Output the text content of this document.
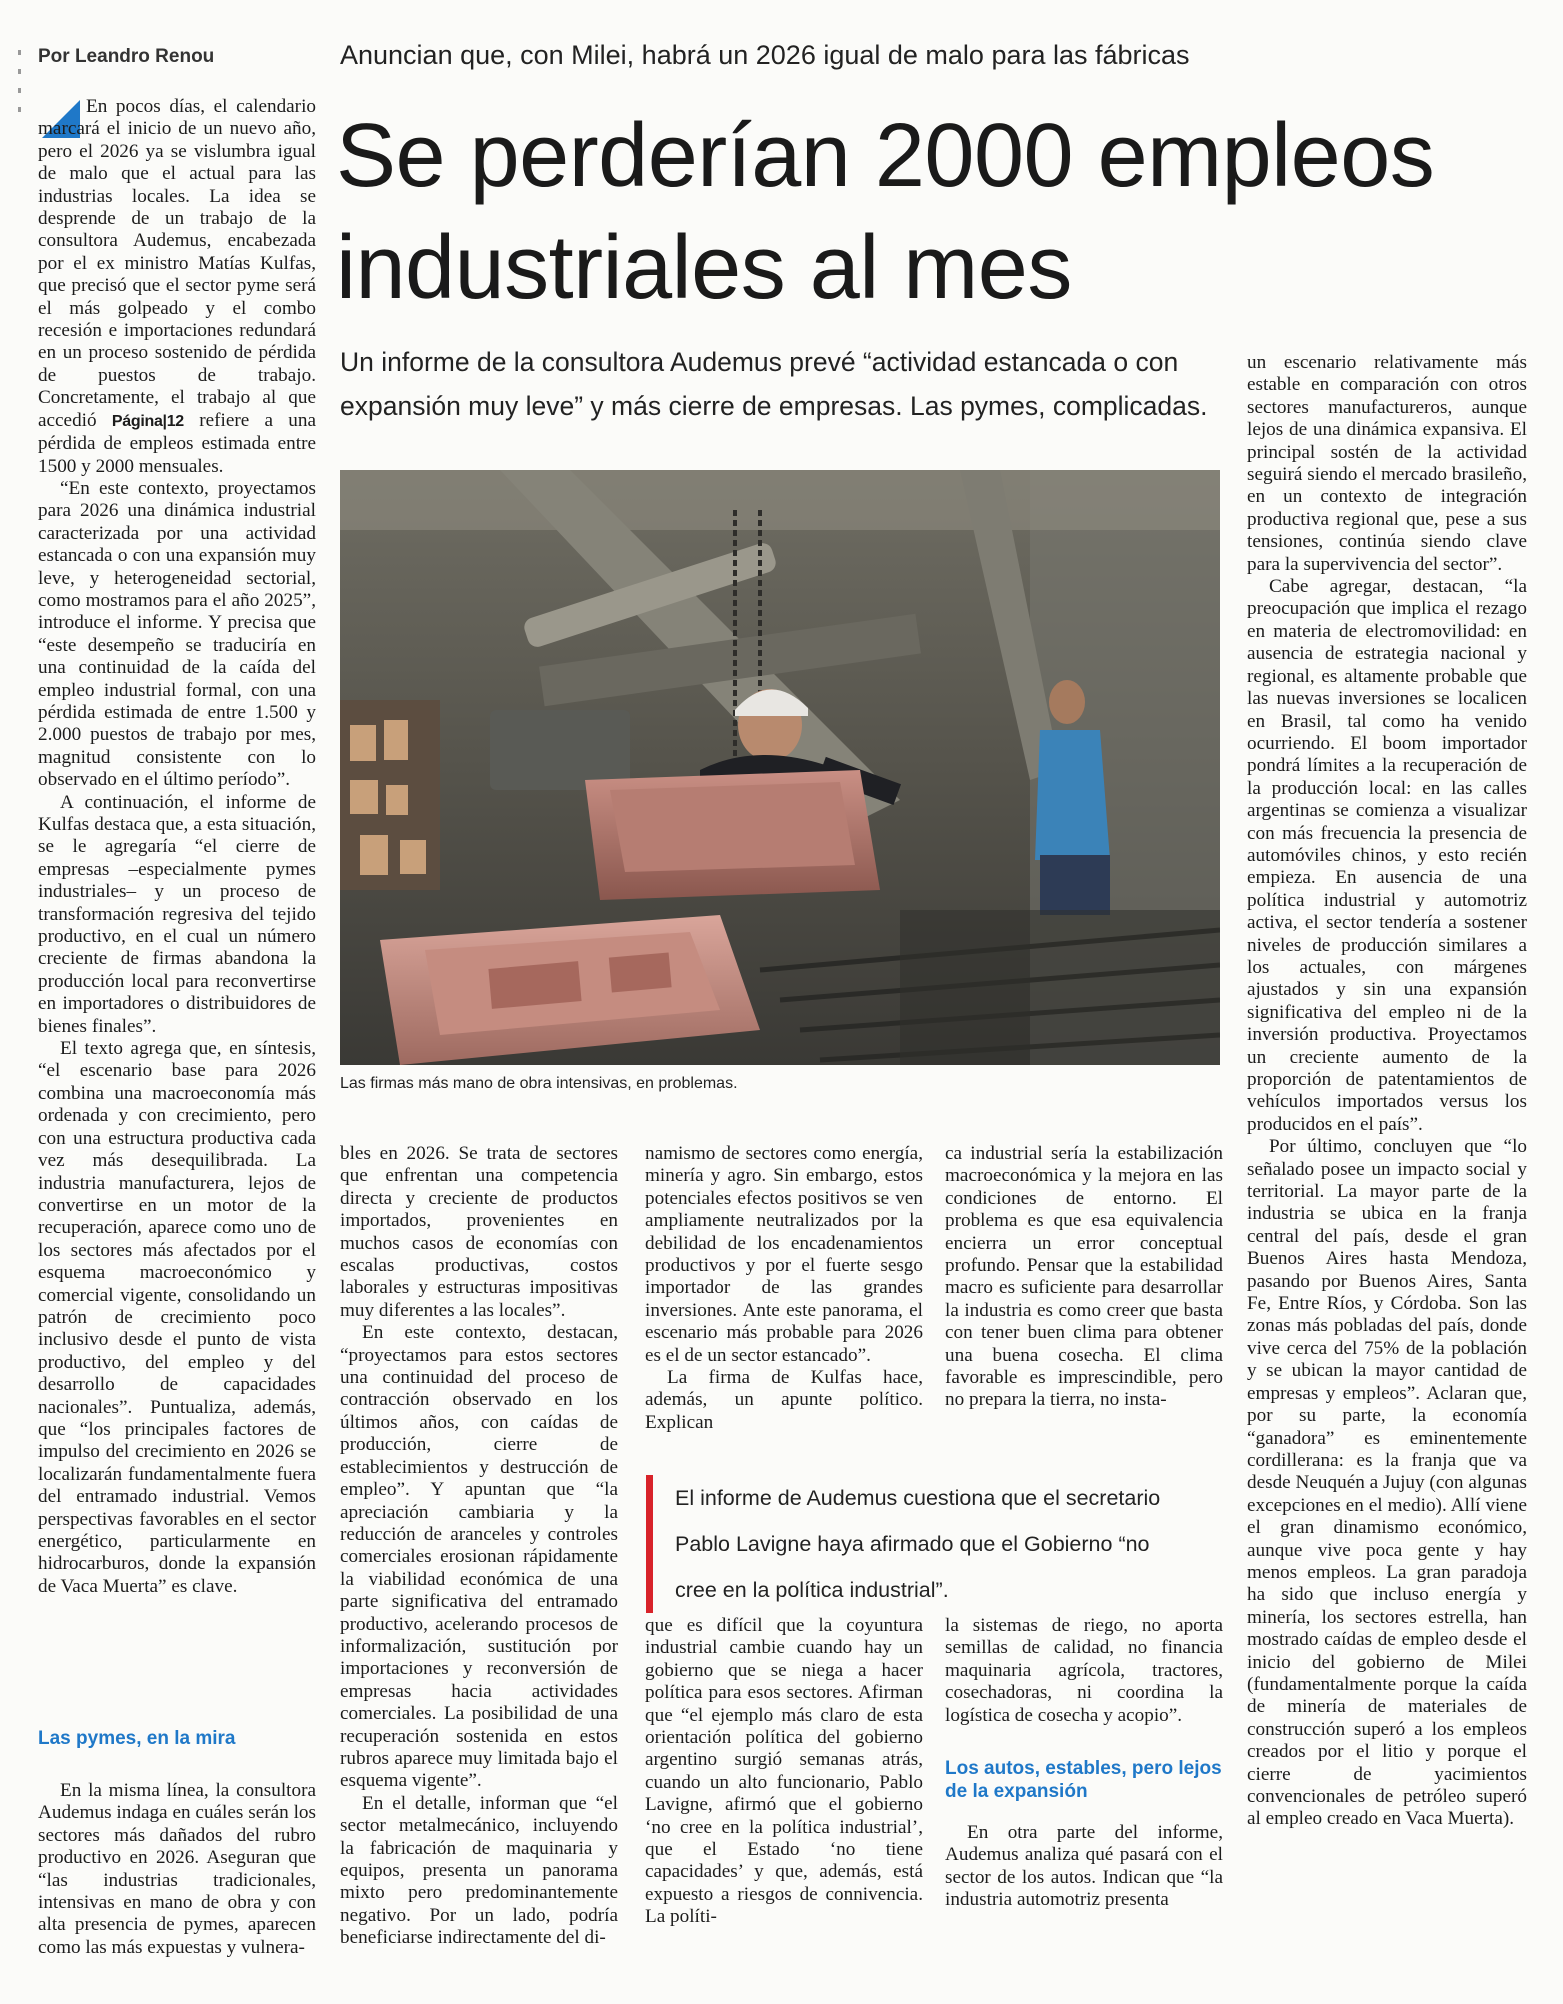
Por Leandro Renou	Anuncian que, con Milei, habrá un 2026 igual de malo para las fábricas
Se perderían 2000 empleos
industriales al mes
Un informe de la consultora Audemus prevé “actividad estancada o con expansión muy leve” y más cierre de empresas. Las pymes, complicadas.
Las firmas más mano de obra intensivas, en problemas.

En pocos días, el calendario marcará el inicio de un nuevo año, pero el 2026 ya se vislumbra igual de malo que el actual para las industrias locales. La idea se desprende de un trabajo de la consultora Audemus, encabezada por el ex ministro Matías Kulfas, que precisó que el sector pyme será el más golpeado y el combo recesión e importaciones redundará en un proceso sostenido de pérdida de puestos de trabajo. Concretamente, el trabajo al que accedió Página|12 refiere a una pérdida de empleos estimada entre 1500 y 2000 mensuales.

“En este contexto, proyectamos para 2026 una dinámica industrial caracterizada por una actividad estancada o con una expansión muy leve, y heterogeneidad sectorial, como mostramos para el año 2025”, introduce el informe. Y precisa que “este desempeño se traduciría en una continuidad de la caída del empleo industrial formal, con una pérdida estimada de entre 1.500 y 2.000 puestos de trabajo por mes, magnitud consistente con lo observado en el último período”.

A continuación, el informe de Kulfas destaca que, a esta situación, se le agregaría “el cierre de empresas –especialmente pymes industriales– y un proceso de transformación regresiva del tejido productivo, en el cual un número creciente de firmas abandona la producción local para reconvertirse en importadores o distribuidores de bienes finales”.

El texto agrega que, en síntesis, “el escenario base para 2026 combina una macroeconomía más ordenada y con crecimiento, pero con una estructura productiva cada vez más desequilibrada. La industria manufacturera, lejos de convertirse en un motor de la recuperación, aparece como uno de los sectores más afectados por el esquema macroeconómico y comercial vigente, consolidando un patrón de crecimiento poco inclusivo desde el punto de vista productivo, del empleo y del desarrollo de capacidades nacionales”. Puntualiza, además, que “los principales factores de impulso del crecimiento en 2026 se localizarán fundamentalmente fuera del entramado industrial. Vemos perspectivas favorables en el sector energético, particularmente en hidrocarburos, donde la expansión de Vaca Muerta” es clave.

Las pymes, en la mira

En la misma línea, la consultora Audemus indaga en cuáles serán los sectores más dañados del rubro productivo en 2026. Aseguran que “las industrias tradicionales, intensivas en mano de obra y con alta presencia de pymes, aparecen como las más expuestas y vulnera-

bles en 2026. Se trata de sectores que enfrentan una competencia directa y creciente de productos importados, provenientes en muchos casos de economías con escalas productivas, costos laborales y estructuras impositivas muy diferentes a las locales”.

En este contexto, destacan, “proyectamos para estos sectores una continuidad del proceso de contracción observado en los últimos años, con caídas de producción, cierre de establecimientos y destrucción de empleo”. Y apuntan que “la apreciación cambiaria y la reducción de aranceles y controles comerciales erosionan rápidamente la viabilidad económica de una parte significativa del entramado productivo, acelerando procesos de informalización, sustitución por importaciones y reconversión de empresas hacia actividades comerciales. La posibilidad de una recuperación sostenida en estos rubros aparece muy limitada bajo el esquema vigente”.

En el detalle, informan que “el sector metalmecánico, incluyendo la fabricación de maquinaria y equipos, presenta un panorama mixto pero predominantemente negativo. Por un lado, podría beneficiarse indirectamente del di-

namismo de sectores como energía, minería y agro. Sin embargo, estos potenciales efectos positivos se ven ampliamente neutralizados por la debilidad de los encadenamientos productivos y por el fuerte sesgo importador de las grandes inversiones. Ante este panorama, el escenario más probable para 2026 es el de un sector estancado”.

La firma de Kulfas hace, además, un apunte político. Explican

que es difícil que la coyuntura industrial cambie cuando hay un gobierno que se niega a hacer política para esos sectores. Afirman que “el ejemplo más claro de esta orientación política del gobierno argentino surgió semanas atrás, cuando un alto funcionario, Pablo Lavigne, afirmó que el gobierno ‘no cree en la política industrial’, que el Estado ‘no tiene capacidades’ y que, además, está expuesto a riesgos de connivencia. La políti-

ca industrial sería la estabilización macroeconómica y la mejora en las condiciones de entorno. El problema es que esa equivalencia encierra un error conceptual profundo. Pensar que la estabilidad macro es suficiente para desarrollar la industria es como creer que basta con tener buen clima para obtener una buena cosecha. El clima favorable es imprescindible, pero no prepara la tierra, no insta-

la sistemas de riego, no aporta semillas de calidad, no financia maquinaria agrícola, tractores, cosechadoras, ni coordina la logística de cosecha y acopio”.

Los autos, estables, pero lejos de la expansión

En otra parte del informe, Audemus analiza qué pasará con el sector de los autos. Indican que “la industria automotriz presenta

El informe de Audemus cuestiona que el secretario Pablo Lavigne haya afirmado que el Gobierno “no cree en la política industrial”.

un escenario relativamente más estable en comparación con otros sectores manufactureros, aunque lejos de una dinámica expansiva. El principal sostén de la actividad seguirá siendo el mercado brasileño, en un contexto de integración productiva regional que, pese a sus tensiones, continúa siendo clave para la supervivencia del sector”.

Cabe agregar, destacan, “la preocupación que implica el rezago en materia de electromovilidad: en ausencia de estrategia nacional y regional, es altamente probable que las nuevas inversiones se localicen en Brasil, tal como ha venido ocurriendo. El boom importador pondrá límites a la recuperación de la producción local: en las calles argentinas se comienza a visualizar con más frecuencia la presencia de automóviles chinos, y esto recién empieza. En ausencia de una política industrial y automotriz activa, el sector tendería a sostener niveles de producción similares a los actuales, con márgenes ajustados y sin una expansión significativa del empleo ni de la inversión productiva. Proyectamos un creciente aumento de la proporción de patentamientos de vehículos importados versus los producidos en el país”.

Por último, concluyen que “lo señalado posee un impacto social y territorial. La mayor parte de la industria se ubica en la franja central del país, desde el gran Buenos Aires hasta Mendoza, pasando por Buenos Aires, Santa Fe, Entre Ríos, y Córdoba. Son las zonas más pobladas del país, donde vive cerca del 75% de la población y se ubican la mayor cantidad de empresas y empleos”. Aclaran que, por su parte, la economía “ganadora” es eminentemente cordillerana: es la franja que va desde Neuquén a Jujuy (con algunas excepciones en el medio). Allí viene el gran dinamismo económico, aunque vive poca gente y hay menos empleos. La gran paradoja ha sido que incluso energía y minería, los sectores estrella, han mostrado caídas de empleo desde el inicio del gobierno de Milei (fundamentalmente porque la caída de minería de materiales de construcción superó a los empleos creados por el litio y porque el cierre de yacimientos convencionales de petróleo superó al empleo creado en Vaca Muerta).
